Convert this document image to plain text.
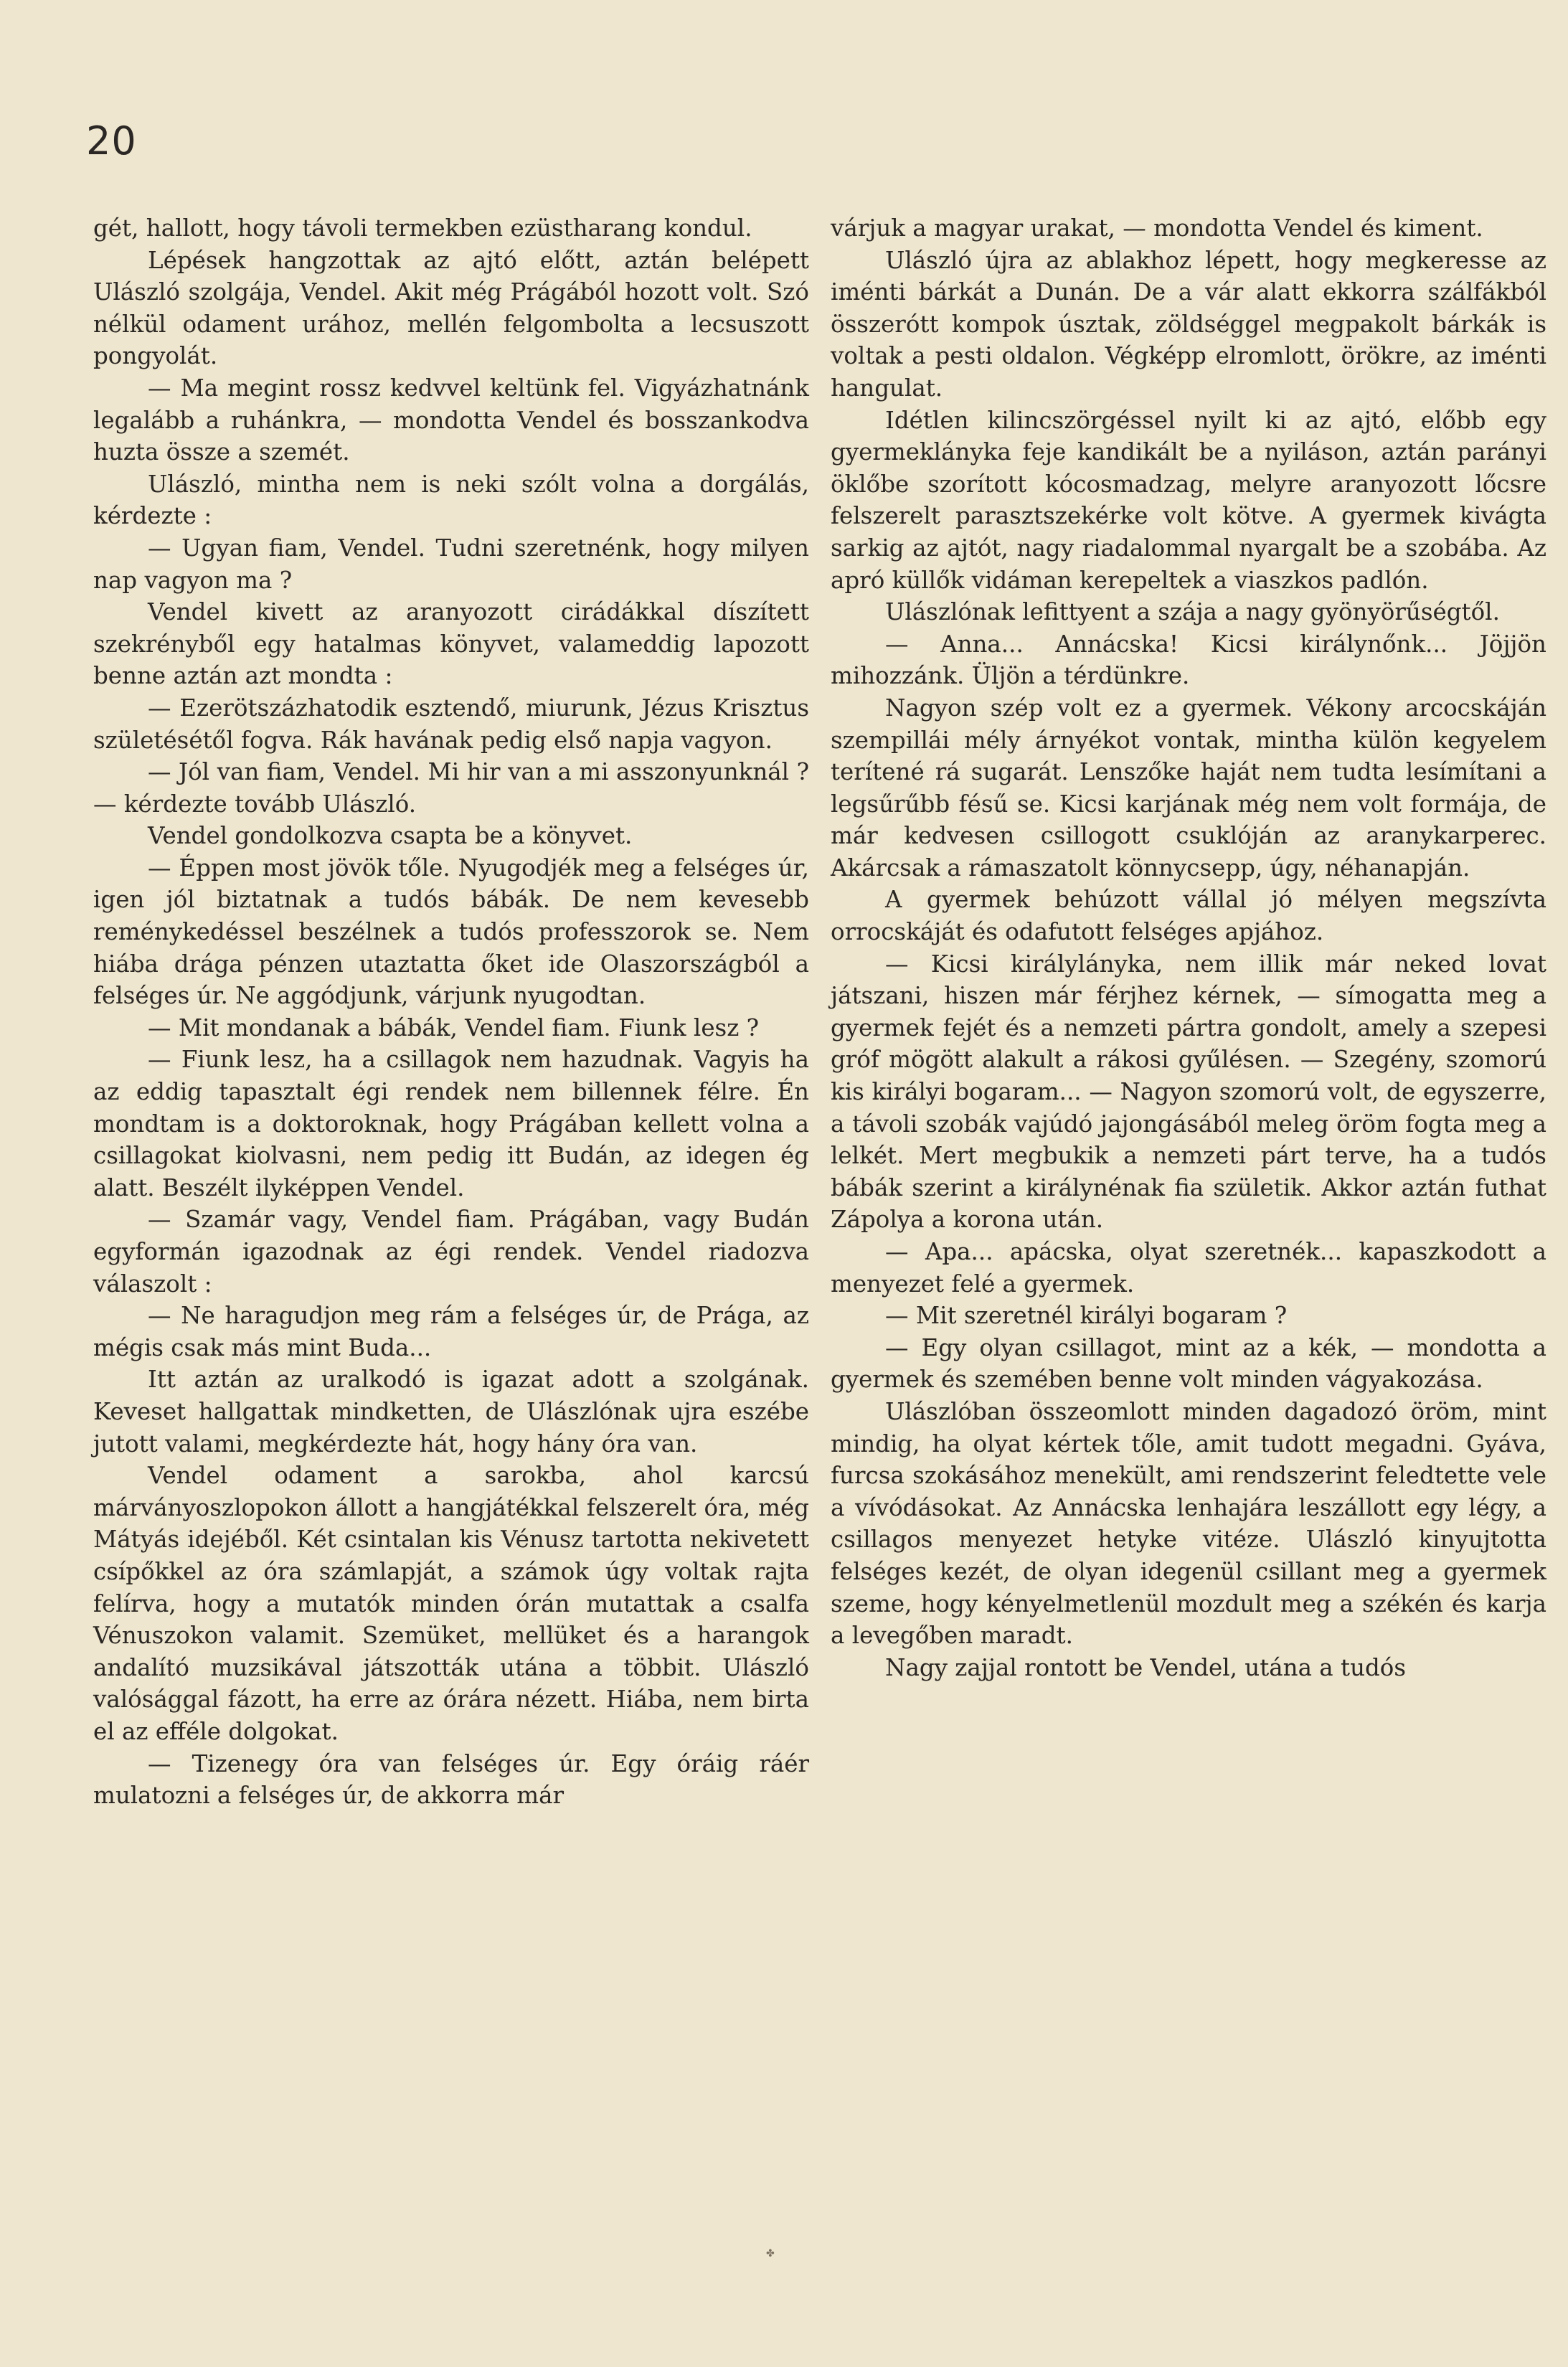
20

gét, hallott, hogy távoli termekben ezüstharang kondul.

Lépések hangzottak az ajtó előtt, aztán belépett Ulászló szolgája, Vendel. Akit még Prágából hozott volt. Szó nélkül odament urához, mellén felgombolta a lecsuszott pongyolát.

— Ma megint rossz kedvvel keltünk fel. Vigyázhatnánk legalább a ruhánkra, — mondotta Vendel és bosszankodva huzta össze a szemét.

Ulászló, mintha nem is neki szólt volna a dorgálás, kérdezte :

— Ugyan fiam, Vendel. Tudni szeretnénk, hogy milyen nap vagyon ma ?

Vendel kivett az aranyozott cirádákkal díszített szekrényből egy hatalmas könyvet, valameddig lapozott benne aztán azt mondta :

— Ezerötszázhatodik esztendő, miurunk, Jézus Krisztus születésétől fogva. Rák havának pedig első napja vagyon.

— Jól van fiam, Vendel. Mi hir van a mi asszonyunknál ? — kérdezte tovább Ulászló.

Vendel gondolkozva csapta be a könyvet.

— Éppen most jövök tőle. Nyugodjék meg a felséges úr, igen jól biztatnak a tudós bábák. De nem kevesebb reménykedéssel beszélnek a tudós professzorok se. Nem hiába drága pénzen utaztatta őket ide Olaszországból a felséges úr. Ne aggódjunk, várjunk nyugodtan.

— Mit mondanak a bábák, Vendel fiam. Fiunk lesz ?

— Fiunk lesz, ha a csillagok nem hazudnak. Vagyis ha az eddig tapasztalt égi rendek nem billennek félre. Én mondtam is a doktoroknak, hogy Prágában kellett volna a csillagokat kiolvasni, nem pedig itt Budán, az idegen ég alatt. Beszélt ilyképpen Vendel.

— Szamár vagy, Vendel fiam. Prágában, vagy Budán egyformán igazodnak az égi rendek. Vendel riadozva válaszolt :

— Ne haragudjon meg rám a felséges úr, de Prága, az mégis csak más mint Buda...

Itt aztán az uralkodó is igazat adott a szolgának. Keveset hallgattak mindketten, de Ulászlónak ujra eszébe jutott valami, megkérdezte hát, hogy hány óra van.

Vendel odament a sarokba, ahol karcsú márványoszlopokon állott a hangjátékkal felszerelt óra, még Mátyás idejéből. Két csintalan kis Vénusz tartotta nekivetett csípőkkel az óra számlapját, a számok úgy voltak rajta felírva, hogy a mutatók minden órán mutattak a csalfa Vénuszokon valamit. Szemüket, mellüket és a harangok andalító muzsikával játszották utána a többit. Ulászló valósággal fázott, ha erre az órára nézett. Hiába, nem birta el az efféle dolgokat.

— Tizenegy óra van felséges úr. Egy óráig ráér mulatozni a felséges úr, de akkorra már

várjuk a magyar urakat, — mondotta Vendel és kiment.

Ulászló újra az ablakhoz lépett, hogy megkeresse az iménti bárkát a Dunán. De a vár alatt ekkorra szálfákból összerótt kompok úsztak, zöldséggel megpakolt bárkák is voltak a pesti oldalon. Végképp elromlott, örökre, az iménti hangulat.

Idétlen kilincszörgéssel nyilt ki az ajtó, előbb egy gyermeklányka feje kandikált be a nyiláson, aztán parányi öklőbe szorított kócosmadzag, melyre aranyozott lőcsre felszerelt parasztszekérke volt kötve. A gyermek kivágta sarkig az ajtót, nagy riadalommal nyargalt be a szobába. Az apró küllők vidáman kerepeltek a viaszkos padlón.

Ulászlónak lefittyent a szája a nagy gyönyörűségtől.

— Anna... Annácska! Kicsi királynőnk... Jöjjön mihozzánk. Üljön a térdünkre.

Nagyon szép volt ez a gyermek. Vékony arcocskáján szempillái mély árnyékot vontak, mintha külön kegyelem terítené rá sugarát. Lenszőke haját nem tudta lesímítani a legsűrűbb fésű se. Kicsi karjának még nem volt formája, de már kedvesen csillogott csuklóján az aranykarperec. Akárcsak a rámaszatolt könnycsepp, úgy, néhanapján.

A gyermek behúzott vállal jó mélyen megszívta orrocskáját és odafutott felséges apjához.

— Kicsi királylányka, nem illik már neked lovat játszani, hiszen már férjhez kérnek, — símogatta meg a gyermek fejét és a nemzeti pártra gondolt, amely a szepesi gróf mögött alakult a rákosi gyűlésen. — Szegény, szomorú kis királyi bogaram... — Nagyon szomorú volt, de egyszerre, a távoli szobák vajúdó jajongásából meleg öröm fogta meg a lelkét. Mert megbukik a nemzeti párt terve, ha a tudós bábák szerint a királynénak fia születik. Akkor aztán futhat Zápolya a korona után.

— Apa... apácska, olyat szeretnék... kapaszkodott a menyezet felé a gyermek.

— Mit szeretnél királyi bogaram ?

— Egy olyan csillagot, mint az a kék, — mondotta a gyermek és szemében benne volt minden vágyakozása.

Ulászlóban összeomlott minden dagadozó öröm, mint mindig, ha olyat kértek tőle, amit tudott megadni. Gyáva, furcsa szokásához menekült, ami rendszerint feledtette vele a vívódásokat. Az Annácska lenhajára leszállott egy légy, a csillagos menyezet hetyke vitéze. Ulászló kinyujtotta felséges kezét, de olyan idegenül csillant meg a gyermek szeme, hogy kényelmetlenül mozdult meg a székén és karja a levegőben maradt.

Nagy zajjal rontott be Vendel, utána a tudós

✤
